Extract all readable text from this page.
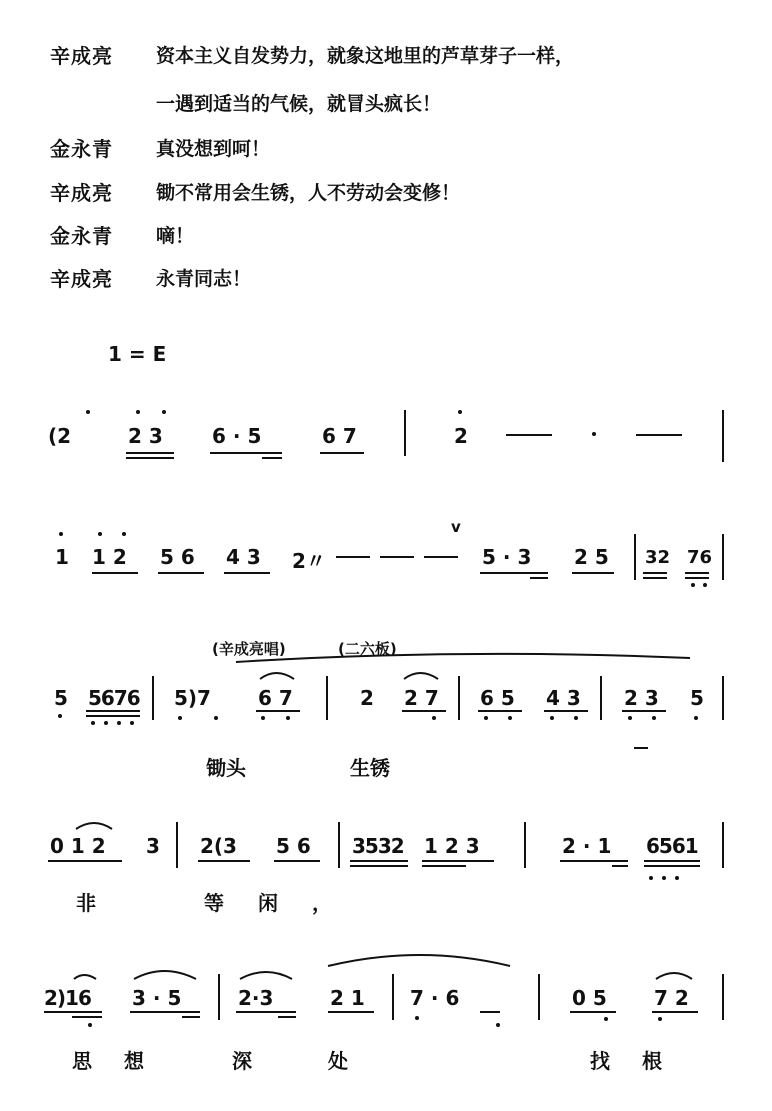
辛成亮 资本主义自发势力，就象这地里的芦草芽子一样，
一遇到适当的气候，就冒头疯长！
金永青 真没想到呵！
辛成亮 锄不常用会生锈，人不劳动会变修！
金永青 嘀！
辛成亮 永青同志！
1 = E
(2	2 3 6 · 5	6 7	2
1 1 2 5 6 4 3 2〃
v
5 · 3 2 5 32 76
(辛成亮唱)	(二六板)
5 5676 5)7 6 7	2 2 7 6 5 4 3 2 3 5
锄头	生锈
0 1 2 3 2(3 5 6 3532 1 2 3	2 · 1 6561
非	等闲，
2)16 3 · 5	2·3	2 1 7 · 6	0 5 7 2
思想	深处	找根
